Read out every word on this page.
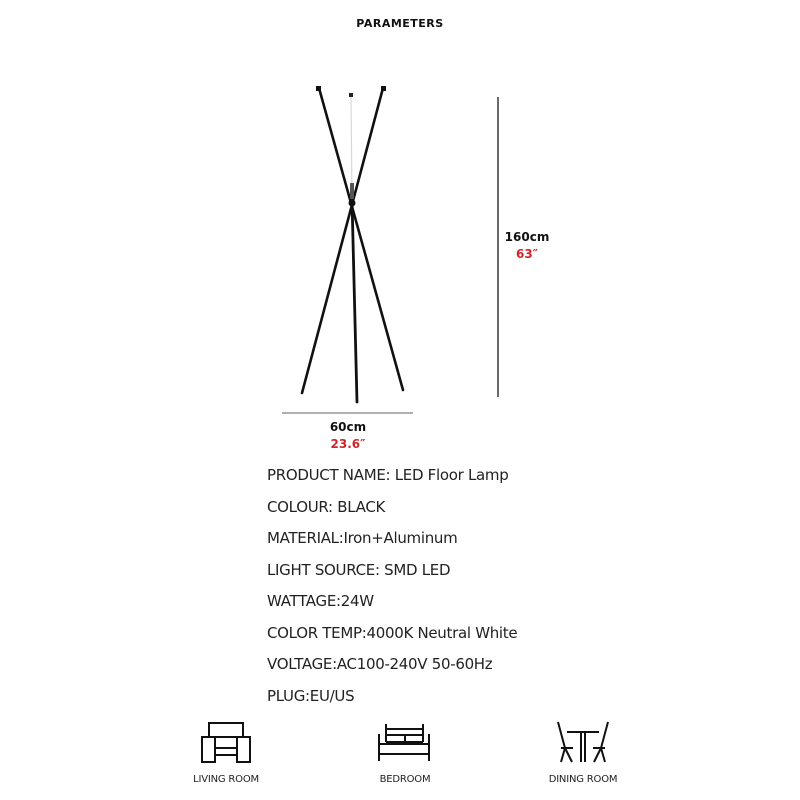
PARAMETERS
160cm
63″
60cm
23.6″
PRODUCT NAME: LED Floor Lamp
COLOUR: BLACK
MATERIAL:Iron+Aluminum
LIGHT SOURCE: SMD LED
WATTAGE:24W
COLOR TEMP:4000K Neutral White
VOLTAGE:AC100-240V 50-60Hz
PLUG:EU/US
LIVING ROOM	BEDROOM	DINING ROOM
